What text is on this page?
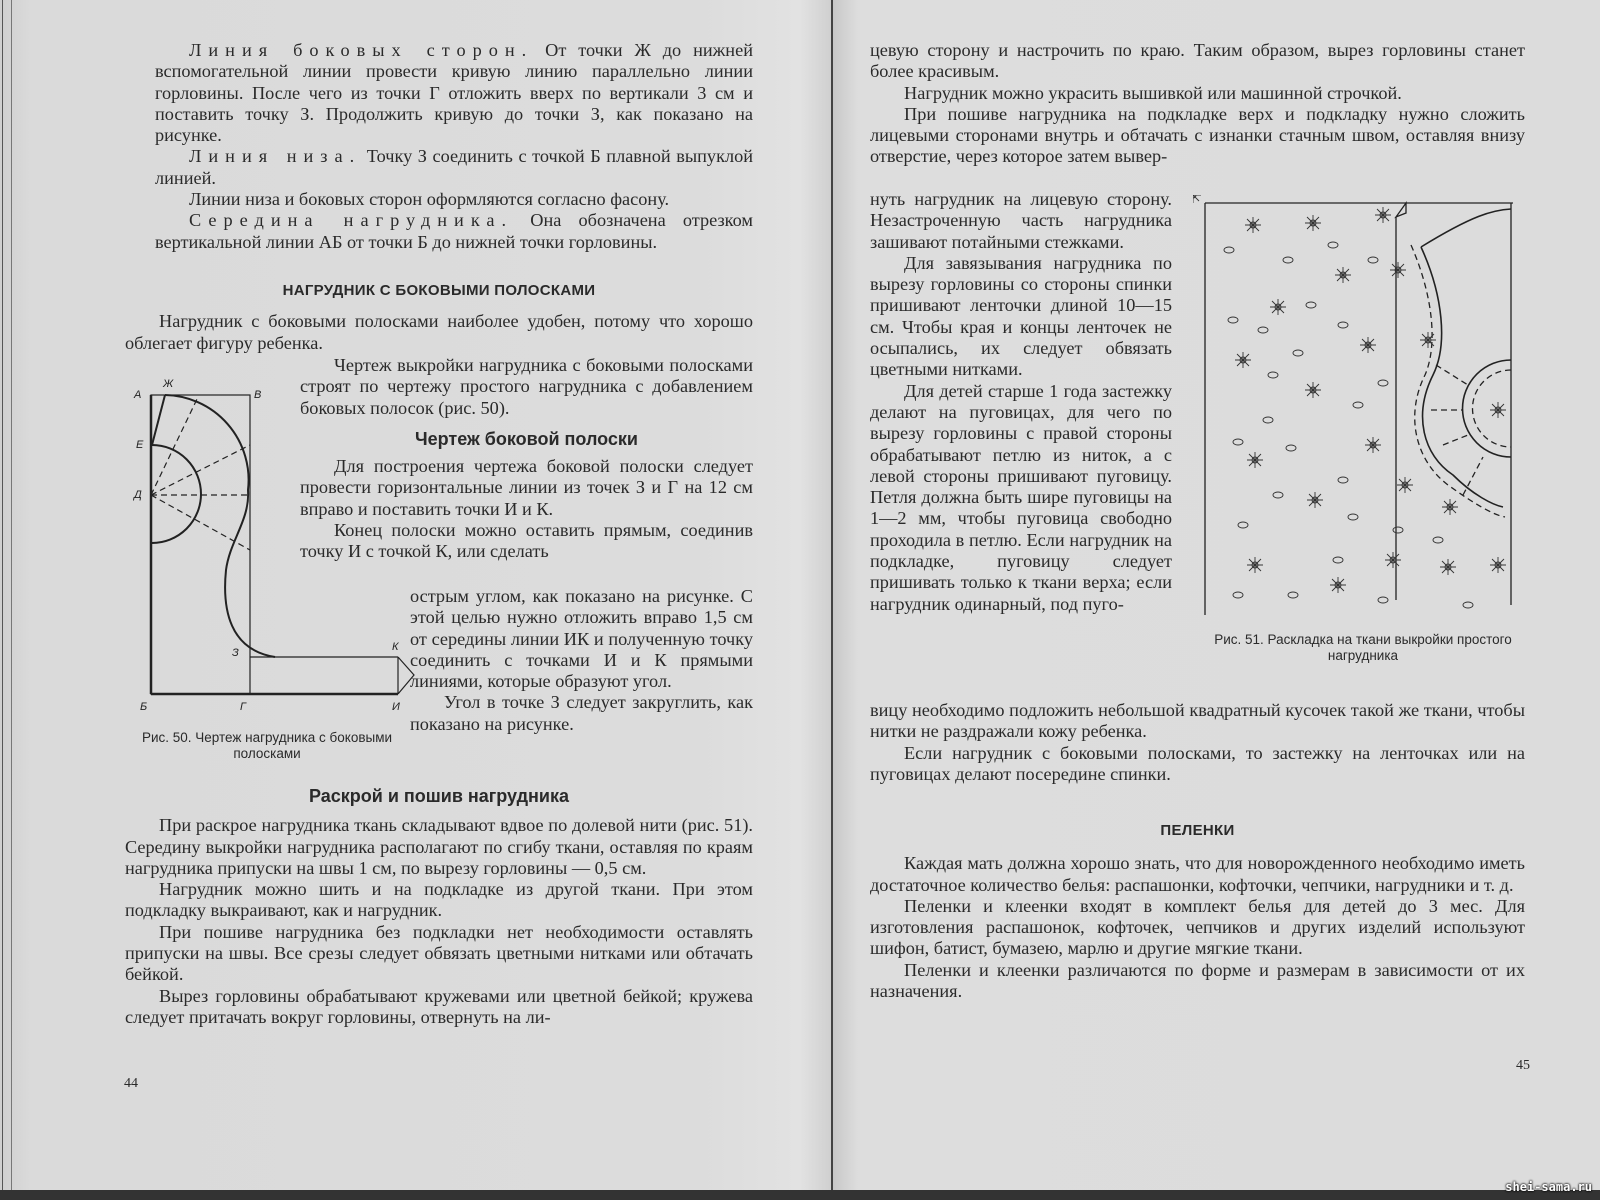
Линия боковых сторон. От точки Ж до нижней вспомогательной линии провести кривую линию параллельно линии горловины. После чего из точки Г отложить вверх по вертикали 3 см и поставить точку З. Продолжить кривую до точки З, как показано на рисунке.

Линия низа. Точку З соединить с точкой Б плавной выпуклой линией.

Линии низа и боковых сторон оформляются согласно фасону.

Середина нагрудника. Она обозначена отрезком вертикальной линии АБ от точки Б до нижней точки горловины.

НАГРУДНИК С БОКОВЫМИ ПОЛОСКАМИ

Нагрудник с боковыми полосками наиболее удобен, потому что хорошо облегает фигуру ребенка.

Чертеж выкройки нагрудника с боковыми полосками строят по чертежу простого нагрудника с добавлением боковых полосок (рис. 50).

Чертеж боковой полоски

Для построения чертежа боковой полоски следует провести горизонтальные линии из точек З и Г на 12 см вправо и поставить точки И и К.

Конец полоски можно оставить прямым, соединив точку И с точкой К, или сделать

острым углом, как показано на рисунке. С этой целью нужно отложить вправо 1,5 см от середины линии ИК и полученную точку соединить с точками И и К прямыми линиями, которые образуют угол.

Угол в точке З следует закруглить, как показано на рисунке.

А
Ж
В
Е
Д
З	К
Б	Г	И
Рис. 50. Чертеж нагрудника с боковыми полосками
Раскрой и пошив нагрудника

При раскрое нагрудника ткань складывают вдвое по долевой нити (рис. 51). Середину выкройки нагрудника располагают по сгибу ткани, оставляя по краям нагрудника припуски на швы 1 см, по вырезу горловины — 0,5 см.

Нагрудник можно шить и на подкладке из другой ткани. При этом подкладку выкраивают, как и нагрудник.

При пошиве нагрудника без подкладки нет необходимости оставлять припуски на швы. Все срезы следует обвязать цветными нитками или обтачать бейкой.

Вырез горловины обрабатывают кружевами или цветной бейкой; кружева следует притачать вокруг горловины, отвернуть на ли-

44

цевую сторону и настрочить по краю. Таким образом, вырез горловины станет более красивым.

Нагрудник можно украсить вышивкой или машинной строчкой.

При пошиве нагрудника на подкладке верх и подкладку нужно сложить лицевыми сторонами внутрь и обтачать с изнанки стачным швом, оставляя внизу отверстие, через которое затем вывер-

нуть нагрудник на лицевую сторону. Незастроченную часть нагрудника зашивают потайными стежками.

Для завязывания нагрудника по вырезу горловины со стороны спинки пришивают ленточки длиной 10—15 см. Чтобы края и концы ленточек не осыпались, их следует обвязать цветными нитками.

Для детей старше 1 года застежку делают на пуговицах, для чего по вырезу горловины с правой стороны обрабатывают петлю из ниток, а с левой стороны пришивают пуговицу. Петля должна быть шире пуговицы на 1—2 мм, чтобы пуговица свободно проходила в петлю. Если нагрудник на подкладке, пуговицу следует пришивать только к ткани верха; если нагрудник одинарный, под пуго-

вицу необходимо подложить небольшой квадратный кусочек такой же ткани, чтобы нитки не раздражали кожу ребенка.

Если нагрудник с боковыми полосками, то застежку на ленточках или на пуговицах делают посередине спинки.

Рис. 51. Раскладка на ткани выкройки простого нагрудника
ПЕЛЕНКИ

Каждая мать должна хорошо знать, что для новорожденного необходимо иметь достаточное количество белья: распашонки, кофточки, чепчики, нагрудники и т. д.

Пеленки и клеенки входят в комплект белья для детей до 3 мес. Для изготовления распашонок, кофточек, чепчиков и других изделий используют шифон, батист, бумазею, марлю и другие мягкие ткани.

Пеленки и клеенки различаются по форме и размерам в зависимости от их назначения.

45
shei-sama.ru
